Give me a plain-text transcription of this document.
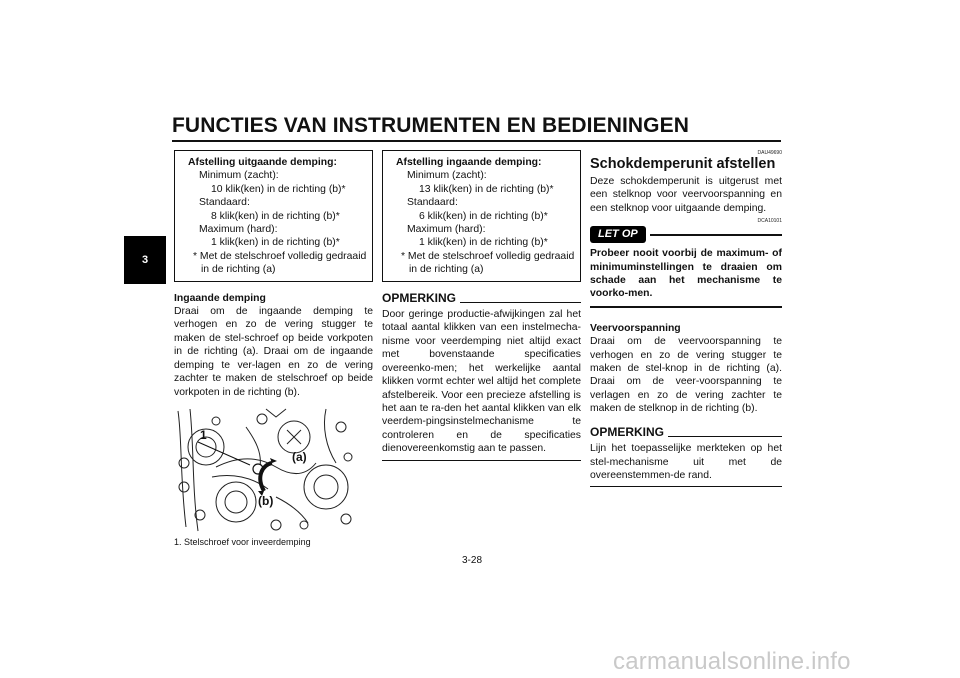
FUNCTIES VAN INSTRUMENTEN EN BEDIENINGEN
3
Afstelling uitgaande demping:
Minimum (zacht):
10 klik(ken) in de richting (b)*
Standaard:
8 klik(ken) in de richting (b)*
Maximum (hard):
1 klik(ken) in de richting (b)*
* Met de stelschroef volledig gedraaid in de richting (a)
Ingaande demping
Draai om de ingaande demping te verhogen en zo de vering stugger te maken de stel-schroef op beide vorkpoten in de richting (a). Draai om de ingaande demping te ver-lagen en zo de vering zachter te maken de stelschroef op beide vorkpoten in de richting (b).
1
(a)
(b)
1. Stelschroef voor inveerdemping
Afstelling ingaande demping:
Minimum (zacht):
13 klik(ken) in de richting (b)*
Standaard:
6 klik(ken) in de richting (b)*
Maximum (hard):
1 klik(ken) in de richting (b)*
* Met de stelschroef volledig gedraaid in de richting (a)
OPMERKING
Door geringe productie-afwijkingen zal het totaal aantal klikken van een instelmecha-nisme voor veerdemping niet altijd exact met bovenstaande specificaties overeenko-men; het werkelijke aantal klikken vormt echter wel altijd het complete afstelbereik. Voor een precieze afstelling is het aan te ra-den het aantal klikken van elk veerdem-pingsinstelmechanisme te controleren en de specificaties dienovereenkomstig aan te passen.
DAU49690
Schokdemperunit afstellen
Deze schokdemperunit is uitgerust met een stelknop voor veervoorspanning en een stelknop voor uitgaande demping.
DCA10101
LET OP
Probeer nooit voorbij de maximum- of minimuminstellingen te draaien om schade aan het mechanisme te voorko-men.
Veervoorspanning
Draai om de veervoorspanning te verhogen en zo de vering stugger te maken de stel-knop in de richting (a). Draai om de veer-voorspanning te verlagen en zo de vering zachter te maken de stelknop in de richting (b).
OPMERKING
Lijn het toepasselijke merkteken op het stel-mechanisme uit met de overeenstemmen-de rand.
3-28
carmanualsonline.info
